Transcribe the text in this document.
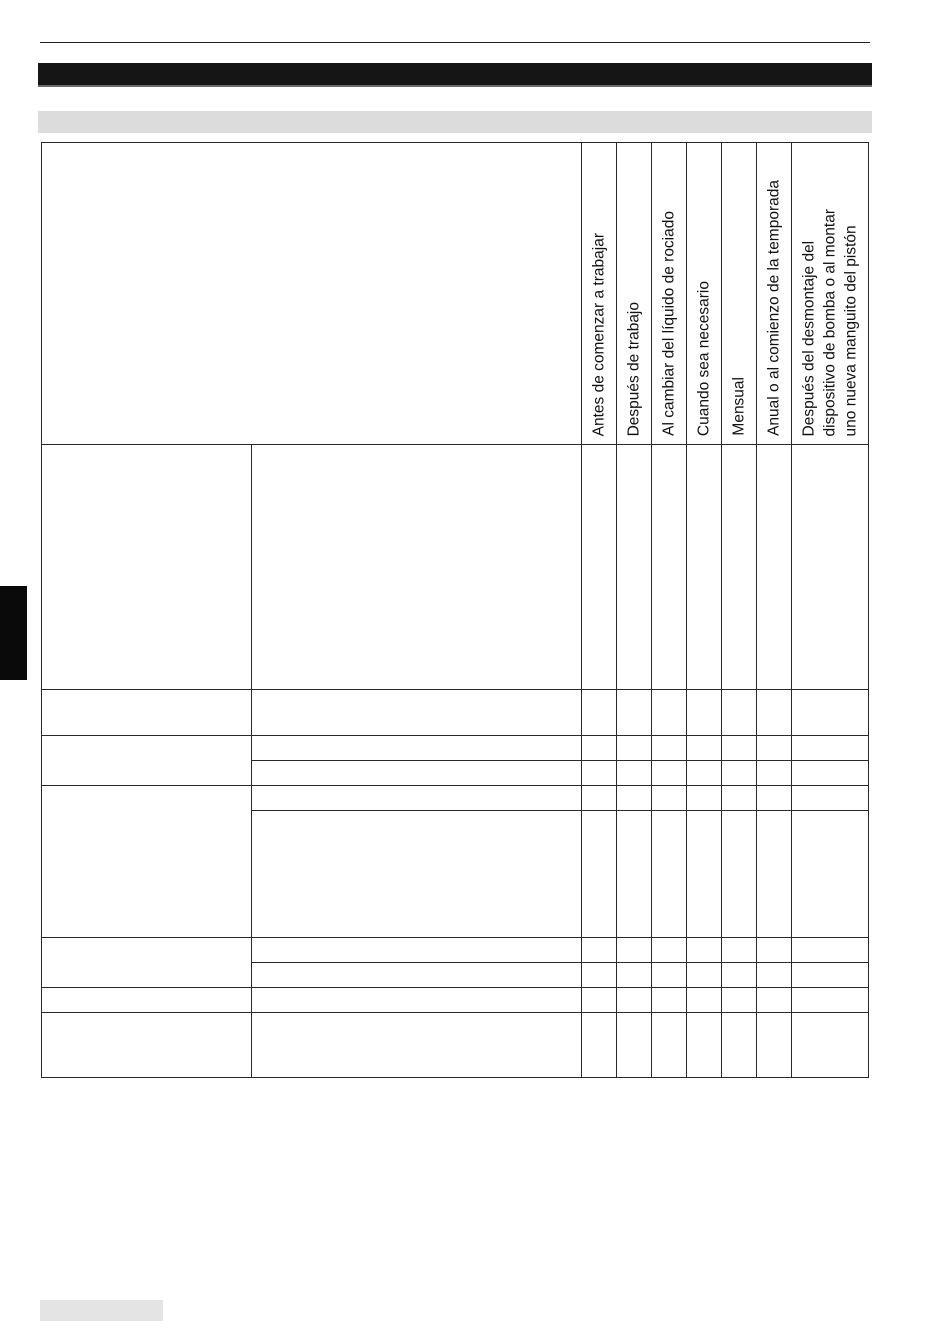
		Antes de comenzar a trabajar	Después de trabajo	Al cambiar del líquido de rociado	Cuando sea necesario	Mensual	Anual o al comienzo de la temporada	Después del desmontaje del
dispositivo de bomba o al montar
uno nueva manguito del pistón
